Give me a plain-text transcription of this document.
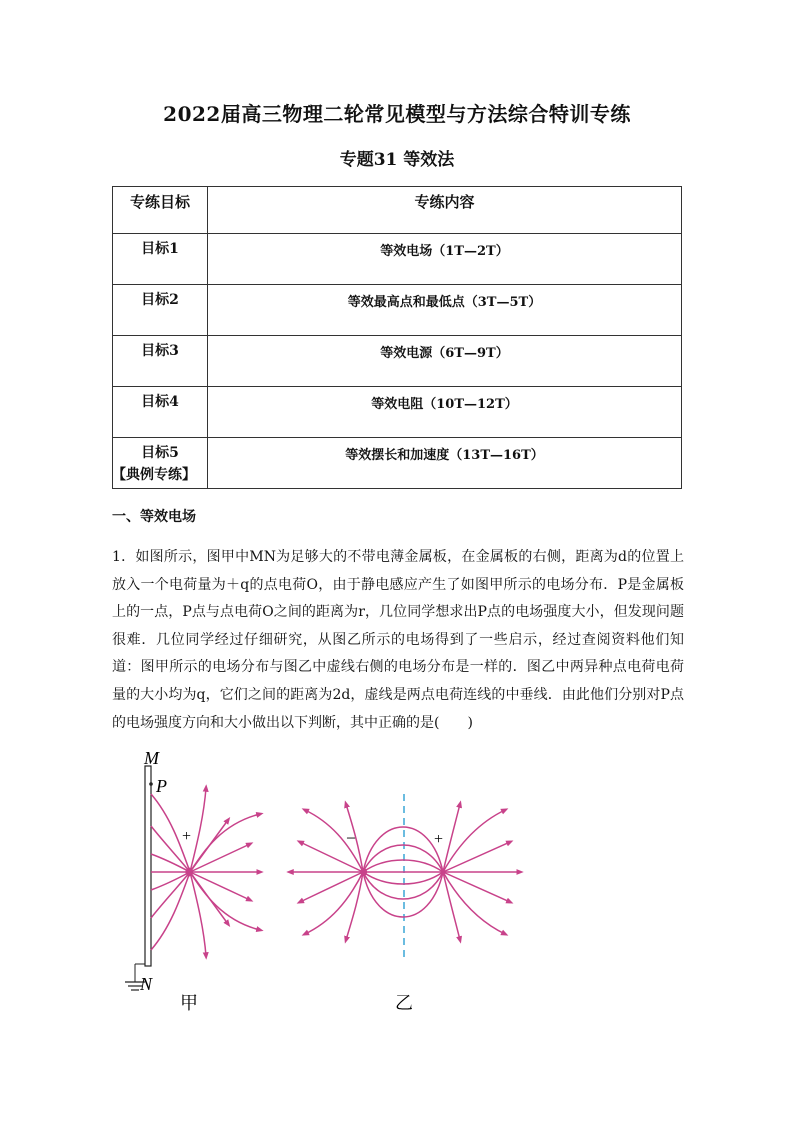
2022届高三物理二轮常见模型与方法综合特训专练
专题31 等效法
专练目标	专练内容
目标1	等效电场（1T—2T）
目标2	等效最高点和最低点（3T—5T）
目标3	等效电源（6T—9T）
目标4	等效电阻（10T—12T）
目标5	等效摆长和加速度（13T—16T）
【典例专练】
一、等效电场
1．如图所示，图甲中MN为足够大的不带电薄金属板，在金属板的右侧，距离为d的位置上放入一个电荷量为＋q的点电荷O，由于静电感应产生了如图甲所示的电场分布．P是金属板上的一点，P点与点电荷O之间的距离为r，几位同学想求出P点的电场强度大小，但发现问题很难．几位同学经过仔细研究，从图乙所示的电场得到了一些启示，经过查阅资料他们知道：图甲所示的电场分布与图乙中虚线右侧的电场分布是一样的．图乙中两异种点电荷电荷量的大小均为q，它们之间的距离为2d，虚线是两点电荷连线的中垂线．由此他们分别对P点的电场强度方向和大小做出以下判断，其中正确的是(　　)
M
P
N
+
甲
−	+
乙
